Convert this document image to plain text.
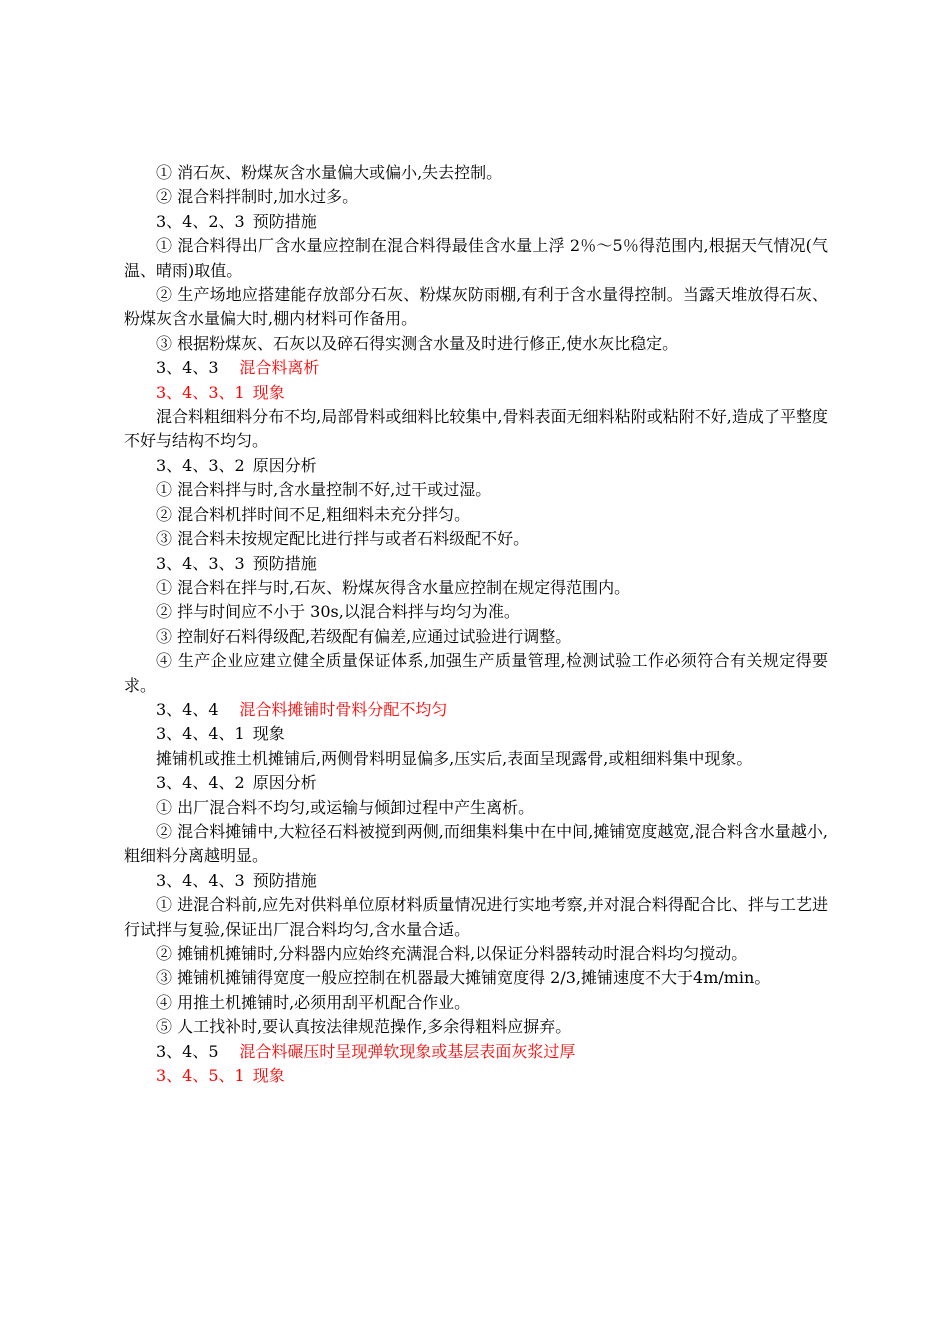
① 消石灰、粉煤灰含水量偏大或偏小,失去控制。

② 混合料拌制时,加水过多。

3、4、2、3 预防措施

① 混合料得出厂含水量应控制在混合料得最佳含水量上浮 2％～5％得范围内,根据天气情况(气温、晴雨)取值。

② 生产场地应搭建能存放部分石灰、粉煤灰防雨棚,有利于含水量得控制。当露天堆放得石灰、粉煤灰含水量偏大时,棚内材料可作备用。

③ 根据粉煤灰、石灰以及碎石得实测含水量及时进行修正,使水灰比稳定。

3、4、3 混合料离析

3、4、3、1 现象

混合料粗细料分布不均,局部骨料或细料比较集中,骨料表面无细料粘附或粘附不好,造成了平整度不好与结构不均匀。

3、4、3、2 原因分析

① 混合料拌与时,含水量控制不好,过干或过湿。

② 混合料机拌时间不足,粗细料未充分拌匀。

③ 混合料未按规定配比进行拌与或者石料级配不好。

3、4、3、3 预防措施

① 混合料在拌与时,石灰、粉煤灰得含水量应控制在规定得范围内。

② 拌与时间应不小于 30s,以混合料拌与均匀为准。

③ 控制好石料得级配,若级配有偏差,应通过试验进行调整。

④ 生产企业应建立健全质量保证体系,加强生产质量管理,检测试验工作必须符合有关规定得要求。

3、4、4 混合料摊铺时骨料分配不均匀

3、4、4、1 现象

摊铺机或推土机摊铺后,两侧骨料明显偏多,压实后,表面呈现露骨,或粗细料集中现象。

3、4、4、2 原因分析

① 出厂混合料不均匀,或运输与倾卸过程中产生离析。

② 混合料摊铺中,大粒径石料被搅到两侧,而细集料集中在中间,摊铺宽度越宽,混合料含水量越小,粗细料分离越明显。

3、4、4、3 预防措施

① 进混合料前,应先对供料单位原材料质量情况进行实地考察,并对混合料得配合比、拌与工艺进行试拌与复验,保证出厂混合料均匀,含水量合适。

② 摊铺机摊铺时,分料器内应始终充满混合料,以保证分料器转动时混合料均匀搅动。

③ 摊铺机摊铺得宽度一般应控制在机器最大摊铺宽度得 2/3,摊铺速度不大于4m/min。

④ 用推土机摊铺时,必须用刮平机配合作业。

⑤ 人工找补时,要认真按法律规范操作,多余得粗料应摒弃。

3、4、5 混合料碾压时呈现弹软现象或基层表面灰浆过厚

3、4、5、1 现象
